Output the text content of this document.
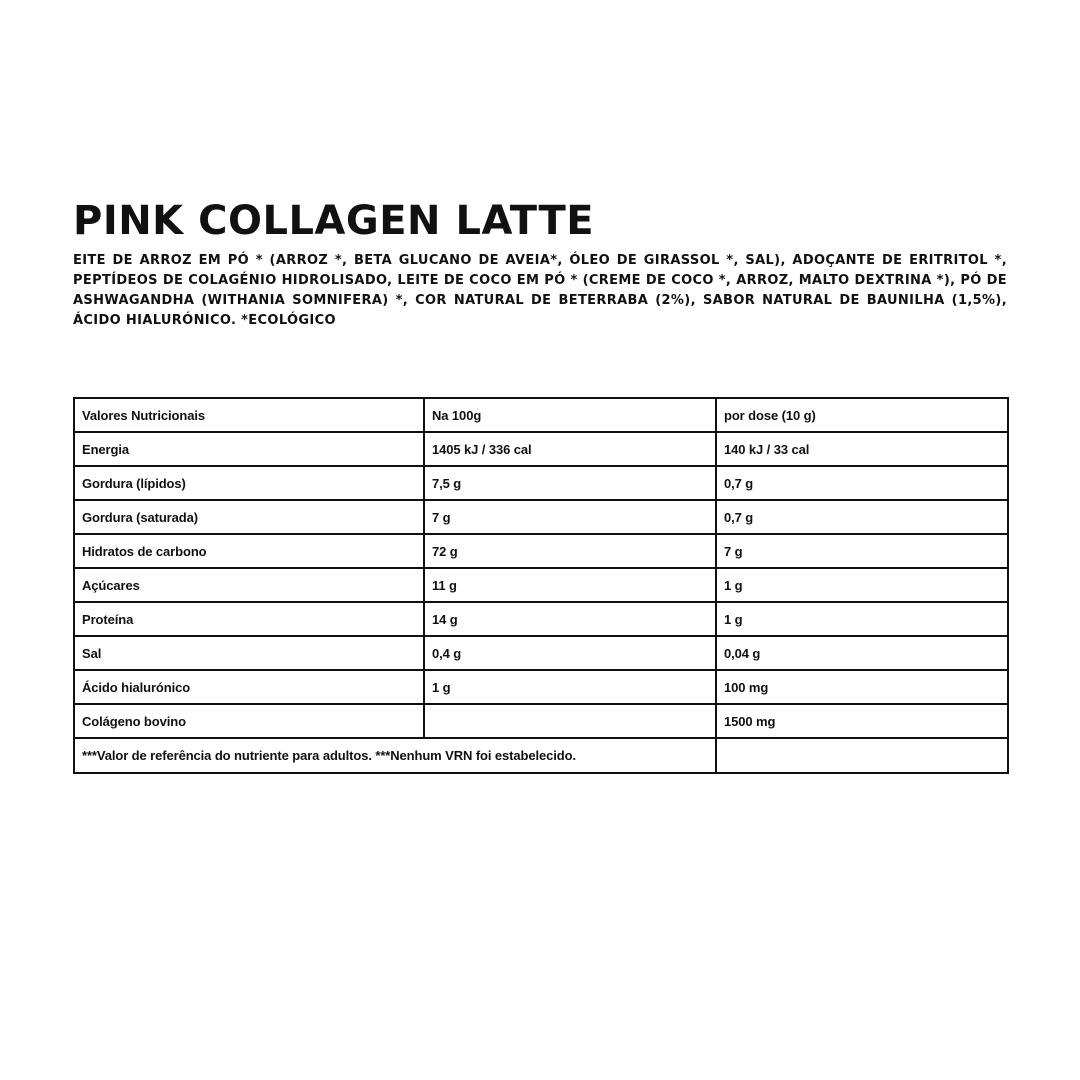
PINK COLLAGEN LATTE

EITE DE ARROZ EM PÓ * (ARROZ *, BETA GLUCANO DE AVEIA*, ÓLEO DE GIRASSOL *, SAL), ADOÇANTE DE ERITRITOL *, PEPTÍDEOS DE COLAGÉNIO HIDROLISADO, LEITE DE COCO EM PÓ * (CREME DE COCO *, ARROZ, MALTO DEXTRINA *), PÓ DE ASHWAGANDHA (WITHANIA SOMNIFERA) *, COR NATURAL DE BETERRABA (2%), SABOR NATURAL DE BAUNILHA (1,5%), ÁCIDO HIALURÓNICO. *ECOLÓGICO

Valores Nutricionais	Na 100g	por dose (10 g)
Energia	1405 kJ / 336 cal	140 kJ / 33 cal
Gordura (lípidos)	7,5 g	0,7 g
Gordura (saturada)	7 g	0,7 g
Hidratos de carbono	72 g	7 g
Açúcares	11 g	1 g
Proteína	14 g	1 g
Sal	0,4 g	0,04 g
Ácido hialurónico	1 g	100 mg
Colágeno bovino		1500 mg
***Valor de referência do nutriente para adultos. ***Nenhum VRN foi estabelecido.		
